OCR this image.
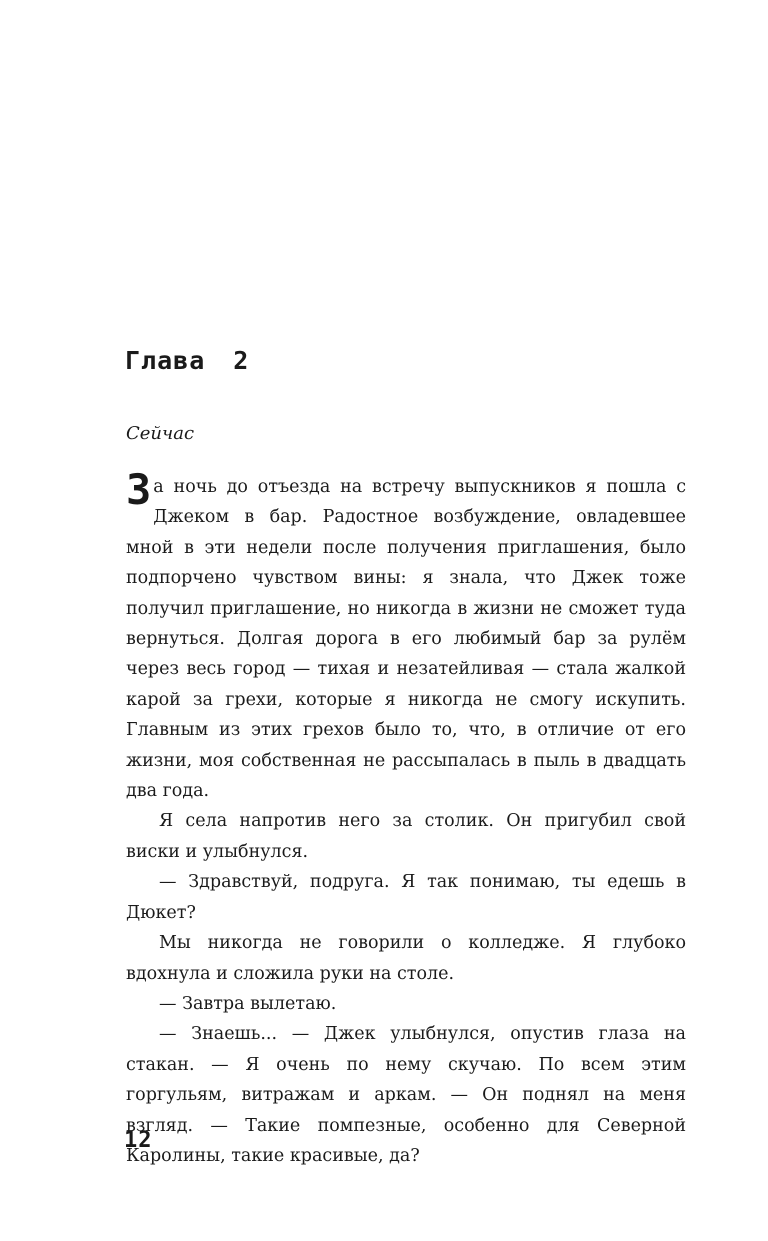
Глава 2
Сейчас

За ночь до отъезда на встречу выпускников я пошла с Джеком в бар. Радостное возбуждение, овладевшее мной в эти недели после получения приглашения, было подпорчено чувством вины: я знала, что Джек тоже получил приглашение, но никогда в жизни не сможет туда вернуться. Долгая дорога в его любимый бар за рулём через весь город — тихая и незатейливая — стала жалкой карой за грехи, которые я никогда не смогу искупить. Главным из этих грехов было то, что, в отличие от его жизни, моя собственная не рассыпалась в пыль в двадцать два года.

Я села напротив него за столик. Он пригубил свой виски и улыбнулся.

— Здравствуй, подруга. Я так понимаю, ты едешь в Дюкет?

Мы никогда не говорили о колледже. Я глубоко вдохнула и сложила руки на столе.

— Завтра вылетаю.

— Знаешь... — Джек улыбнулся, опустив глаза на стакан. — Я очень по нему скучаю. По всем этим горгульям, витражам и аркам. — Он поднял на меня взгляд. — Такие помпезные, особенно для Северной Каролины, такие красивые, да?

12
